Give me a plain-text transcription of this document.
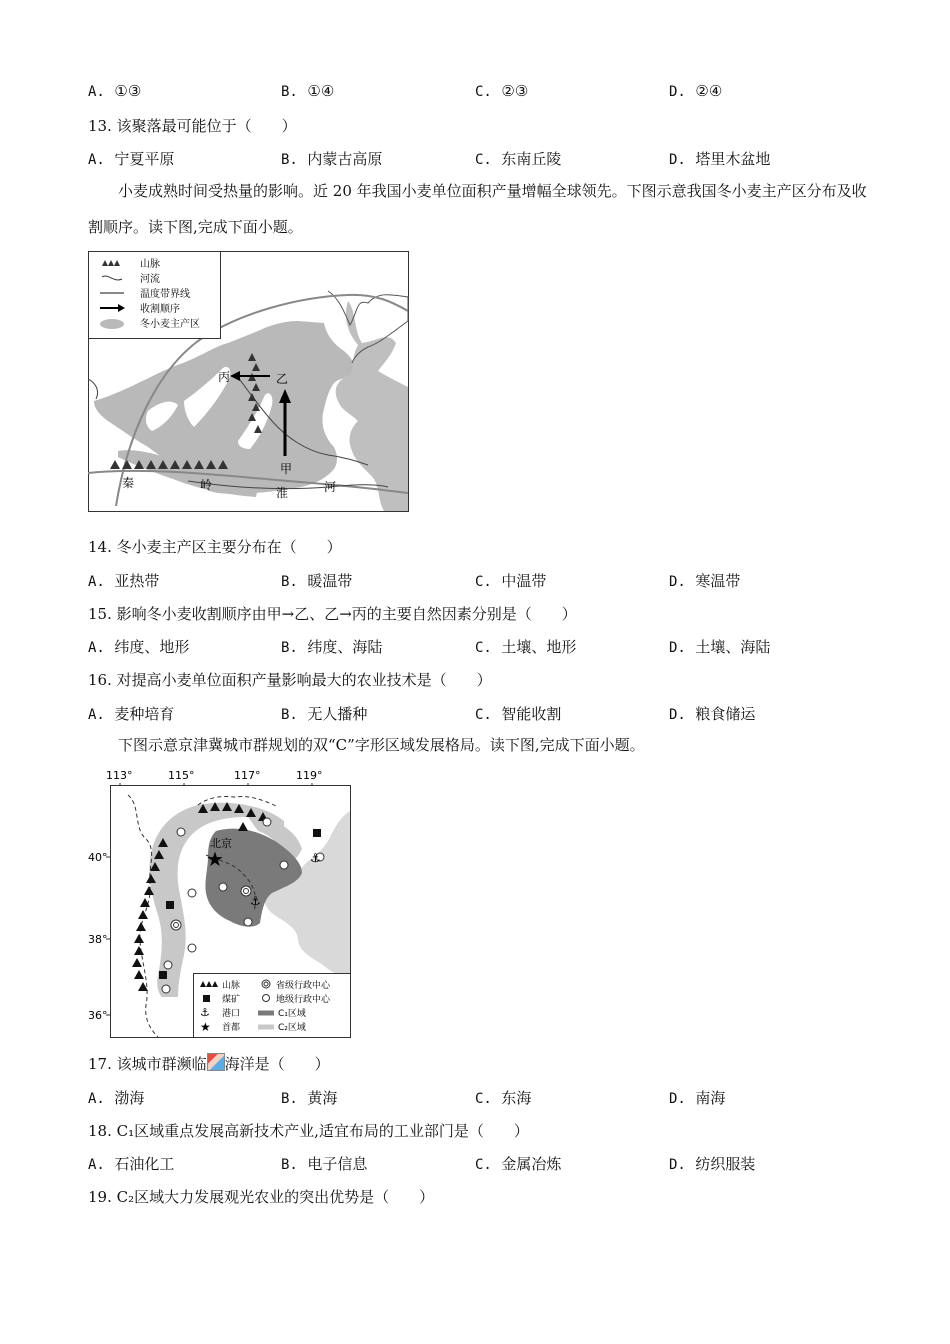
A. ①③	B. ①④	C. ②③	D. ②④
13. 该聚落最可能位于（　　）
A. 宁夏平原	B. 内蒙古高原	C. 东南丘陵	D. 塔里木盆地
小麦成熟时间受热量的影响。近 20 年我国小麦单位面积产量增幅全球领先。下图示意我国冬小麦主产区分布及收割顺序。读下图,完成下面小题。
丙	乙
甲
秦	岭
淮	河
山脉
河流
温度带界线
收割顺序
冬小麦主产区
14. 冬小麦主产区主要分布在（　　）
A. 亚热带	B. 暖温带	C. 中温带	D. 寒温带
15. 影响冬小麦收割顺序由甲→乙、乙→丙的主要自然因素分别是（　　）
A. 纬度、地形	B. 纬度、海陆	C. 土壤、地形	D. 土壤、海陆
16. 对提高小麦单位面积产量影响最大的农业技术是（　　）
A. 麦种培育	B. 无人播种	C. 智能收割	D. 粮食储运
下图示意京津冀城市群规划的双“C”字形区域发展格局。读下图,完成下面小题。
113°	115°	117°	119°
40°
38°
36°
⚓
⚓
★
北京
山脉	省级行政中心
煤矿	地级行政中心
⚓ 港口	C₁区域
★ 首都	C₂区域
17. 该城市群濒临 海洋是（　　）
A. 渤海	B. 黄海	C. 东海	D. 南海
18. C₁区域重点发展高新技术产业,适宜布局的工业部门是（　　）
A. 石油化工	B. 电子信息	C. 金属冶炼	D. 纺织服装
19. C₂区域大力发展观光农业的突出优势是（　　）
